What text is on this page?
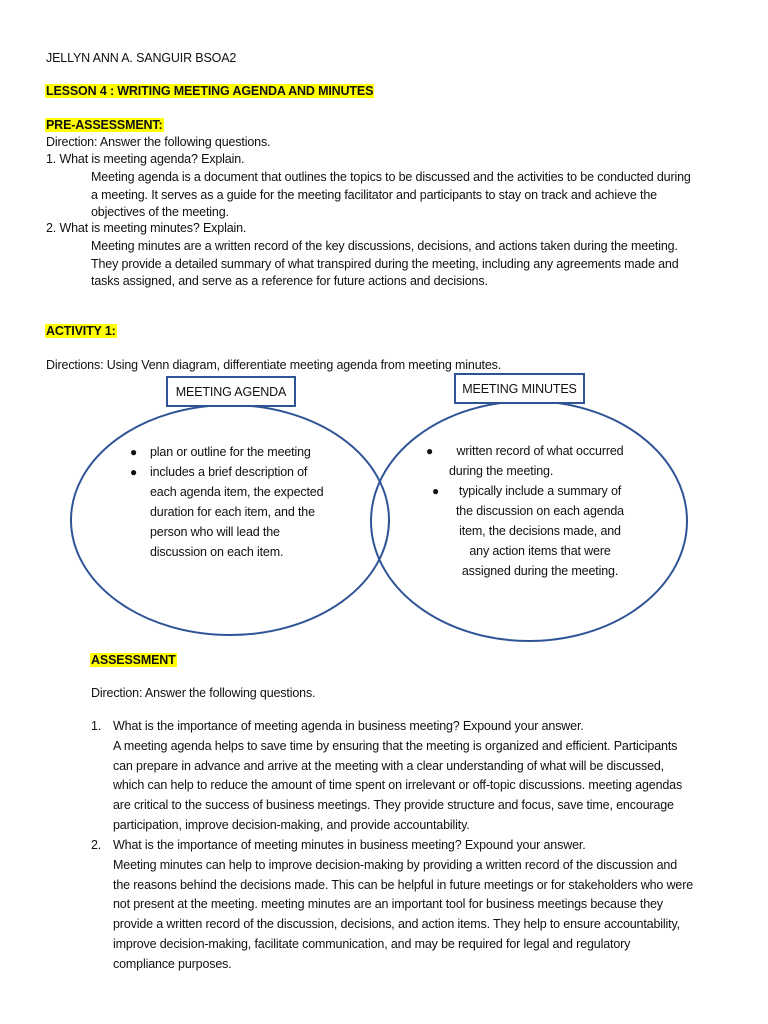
JELLYN ANN A. SANGUIR BSOA2
LESSON 4 : WRITING MEETING AGENDA AND MINUTES
PRE-ASSESSMENT:
Direction: Answer the following questions.
1. What is meeting agenda? Explain.
Meeting agenda is a document that outlines the topics to be discussed and the activities to be conducted during
a meeting. It serves as a guide for the meeting facilitator and participants to stay on track and achieve the
objectives of the meeting.
2. What is meeting minutes? Explain.
Meeting minutes are a written record of the key discussions, decisions, and actions taken during the meeting.
They provide a detailed summary of what transpired during the meeting, including any agreements made and
tasks assigned, and serve as a reference for future actions and decisions.
ACTIVITY 1:
Directions: Using Venn diagram, differentiate meeting agenda from meeting minutes.
MEETING AGENDA	MEETING MINUTES
● plan or outline for the meeting
● includes a brief description of
each agenda item, the expected
duration for each item, and the
person who will lead the
discussion on each item.
●	written record of what occurred
during the meeting.
●	typically include a summary of
the discussion on each agenda
item, the decisions made, and
any action items that were
assigned during the meeting.
ASSESSMENT
Direction: Answer the following questions.
1. What is the importance of meeting agenda in business meeting? Expound your answer.
A meeting agenda helps to save time by ensuring that the meeting is organized and efficient. Participants
can prepare in advance and arrive at the meeting with a clear understanding of what will be discussed,
which can help to reduce the amount of time spent on irrelevant or off-topic discussions. meeting agendas
are critical to the success of business meetings. They provide structure and focus, save time, encourage
participation, improve decision-making, and provide accountability.
2. What is the importance of meeting minutes in business meeting? Expound your answer.
Meeting minutes can help to improve decision-making by providing a written record of the discussion and
the reasons behind the decisions made. This can be helpful in future meetings or for stakeholders who were
not present at the meeting. meeting minutes are an important tool for business meetings because they
provide a written record of the discussion, decisions, and action items. They help to ensure accountability,
improve decision-making, facilitate communication, and may be required for legal and regulatory
compliance purposes.
